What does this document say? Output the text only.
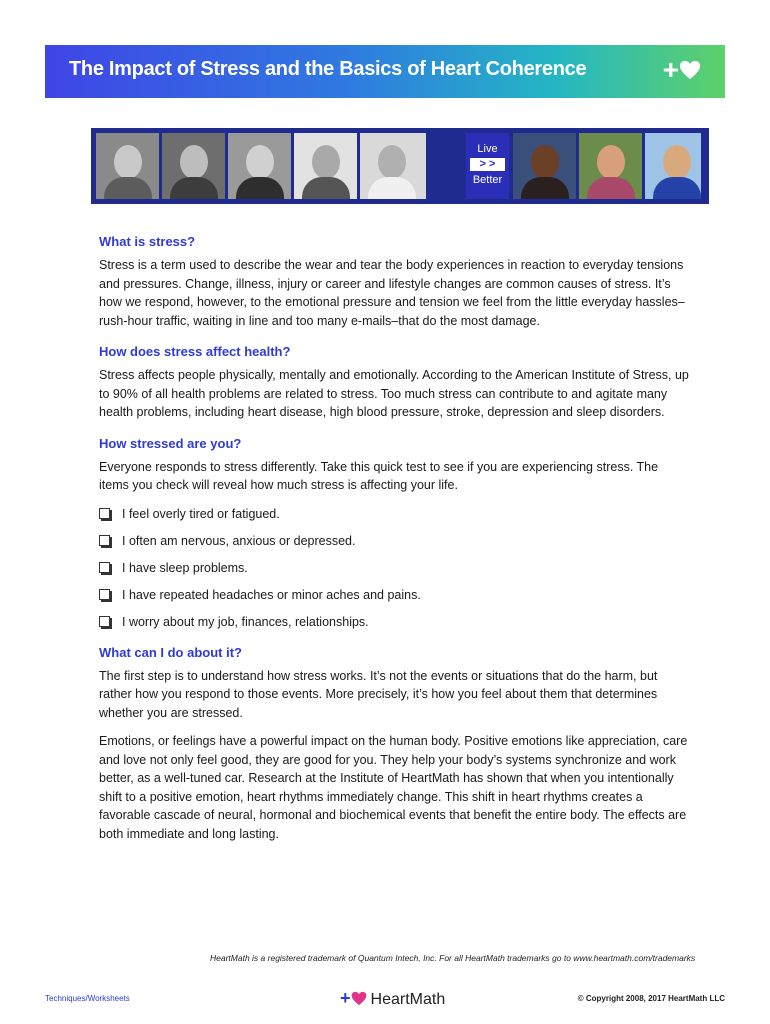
The Impact of Stress and the Basics of Heart Coherence	+
Live
> >
Better
What is stress?

Stress is a term used to describe the wear and tear the body experiences in reaction to everyday tensions and pressures. Change, illness, injury or career and lifestyle changes are common causes of stress. It’s how we respond, however, to the emotional pressure and tension we feel from the little everyday hassles–rush-hour traffic, waiting in line and too many e-mails–that do the most damage.

How does stress affect health?

Stress affects people physically, mentally and emotionally. According to the American Institute of Stress, up to 90% of all health problems are related to stress. Too much stress can contribute to and agitate many health problems, including heart disease, high blood pressure, stroke, depression and sleep disorders.

How stressed are you?

Everyone responds to stress differently. Take this quick test to see if you are experiencing stress. The items you check will reveal how much stress is affecting your life.

I feel overly tired or fatigued.
I often am nervous, anxious or depressed.
I have sleep problems.
I have repeated headaches or minor aches and pains.
I worry about my job, finances, relationships.
What can I do about it?

The first step is to understand how stress works. It’s not the events or situations that do the harm, but rather how you respond to those events. More precisely, it’s how you feel about them that determines whether you are stressed.

Emotions, or feelings have a powerful impact on the human body. Positive emotions like appreciation, care and love not only feel good, they are good for you. They help your body’s systems synchronize and work better, as a well-tuned car. Research at the Institute of HeartMath has shown that when you intentionally shift to a positive emotion, heart rhythms immediately change. This shift in heart rhythms creates a favorable cascade of neural, hormonal and biochemical events that benefit the entire body. The effects are both immediate and long lasting.

HeartMath is a registered trademark of Quantum Intech, Inc. For all HeartMath trademarks go to www.heartmath.com/trademarks
Techniques/Worksheets	+ HeartMath	© Copyright 2008, 2017 HeartMath LLC
